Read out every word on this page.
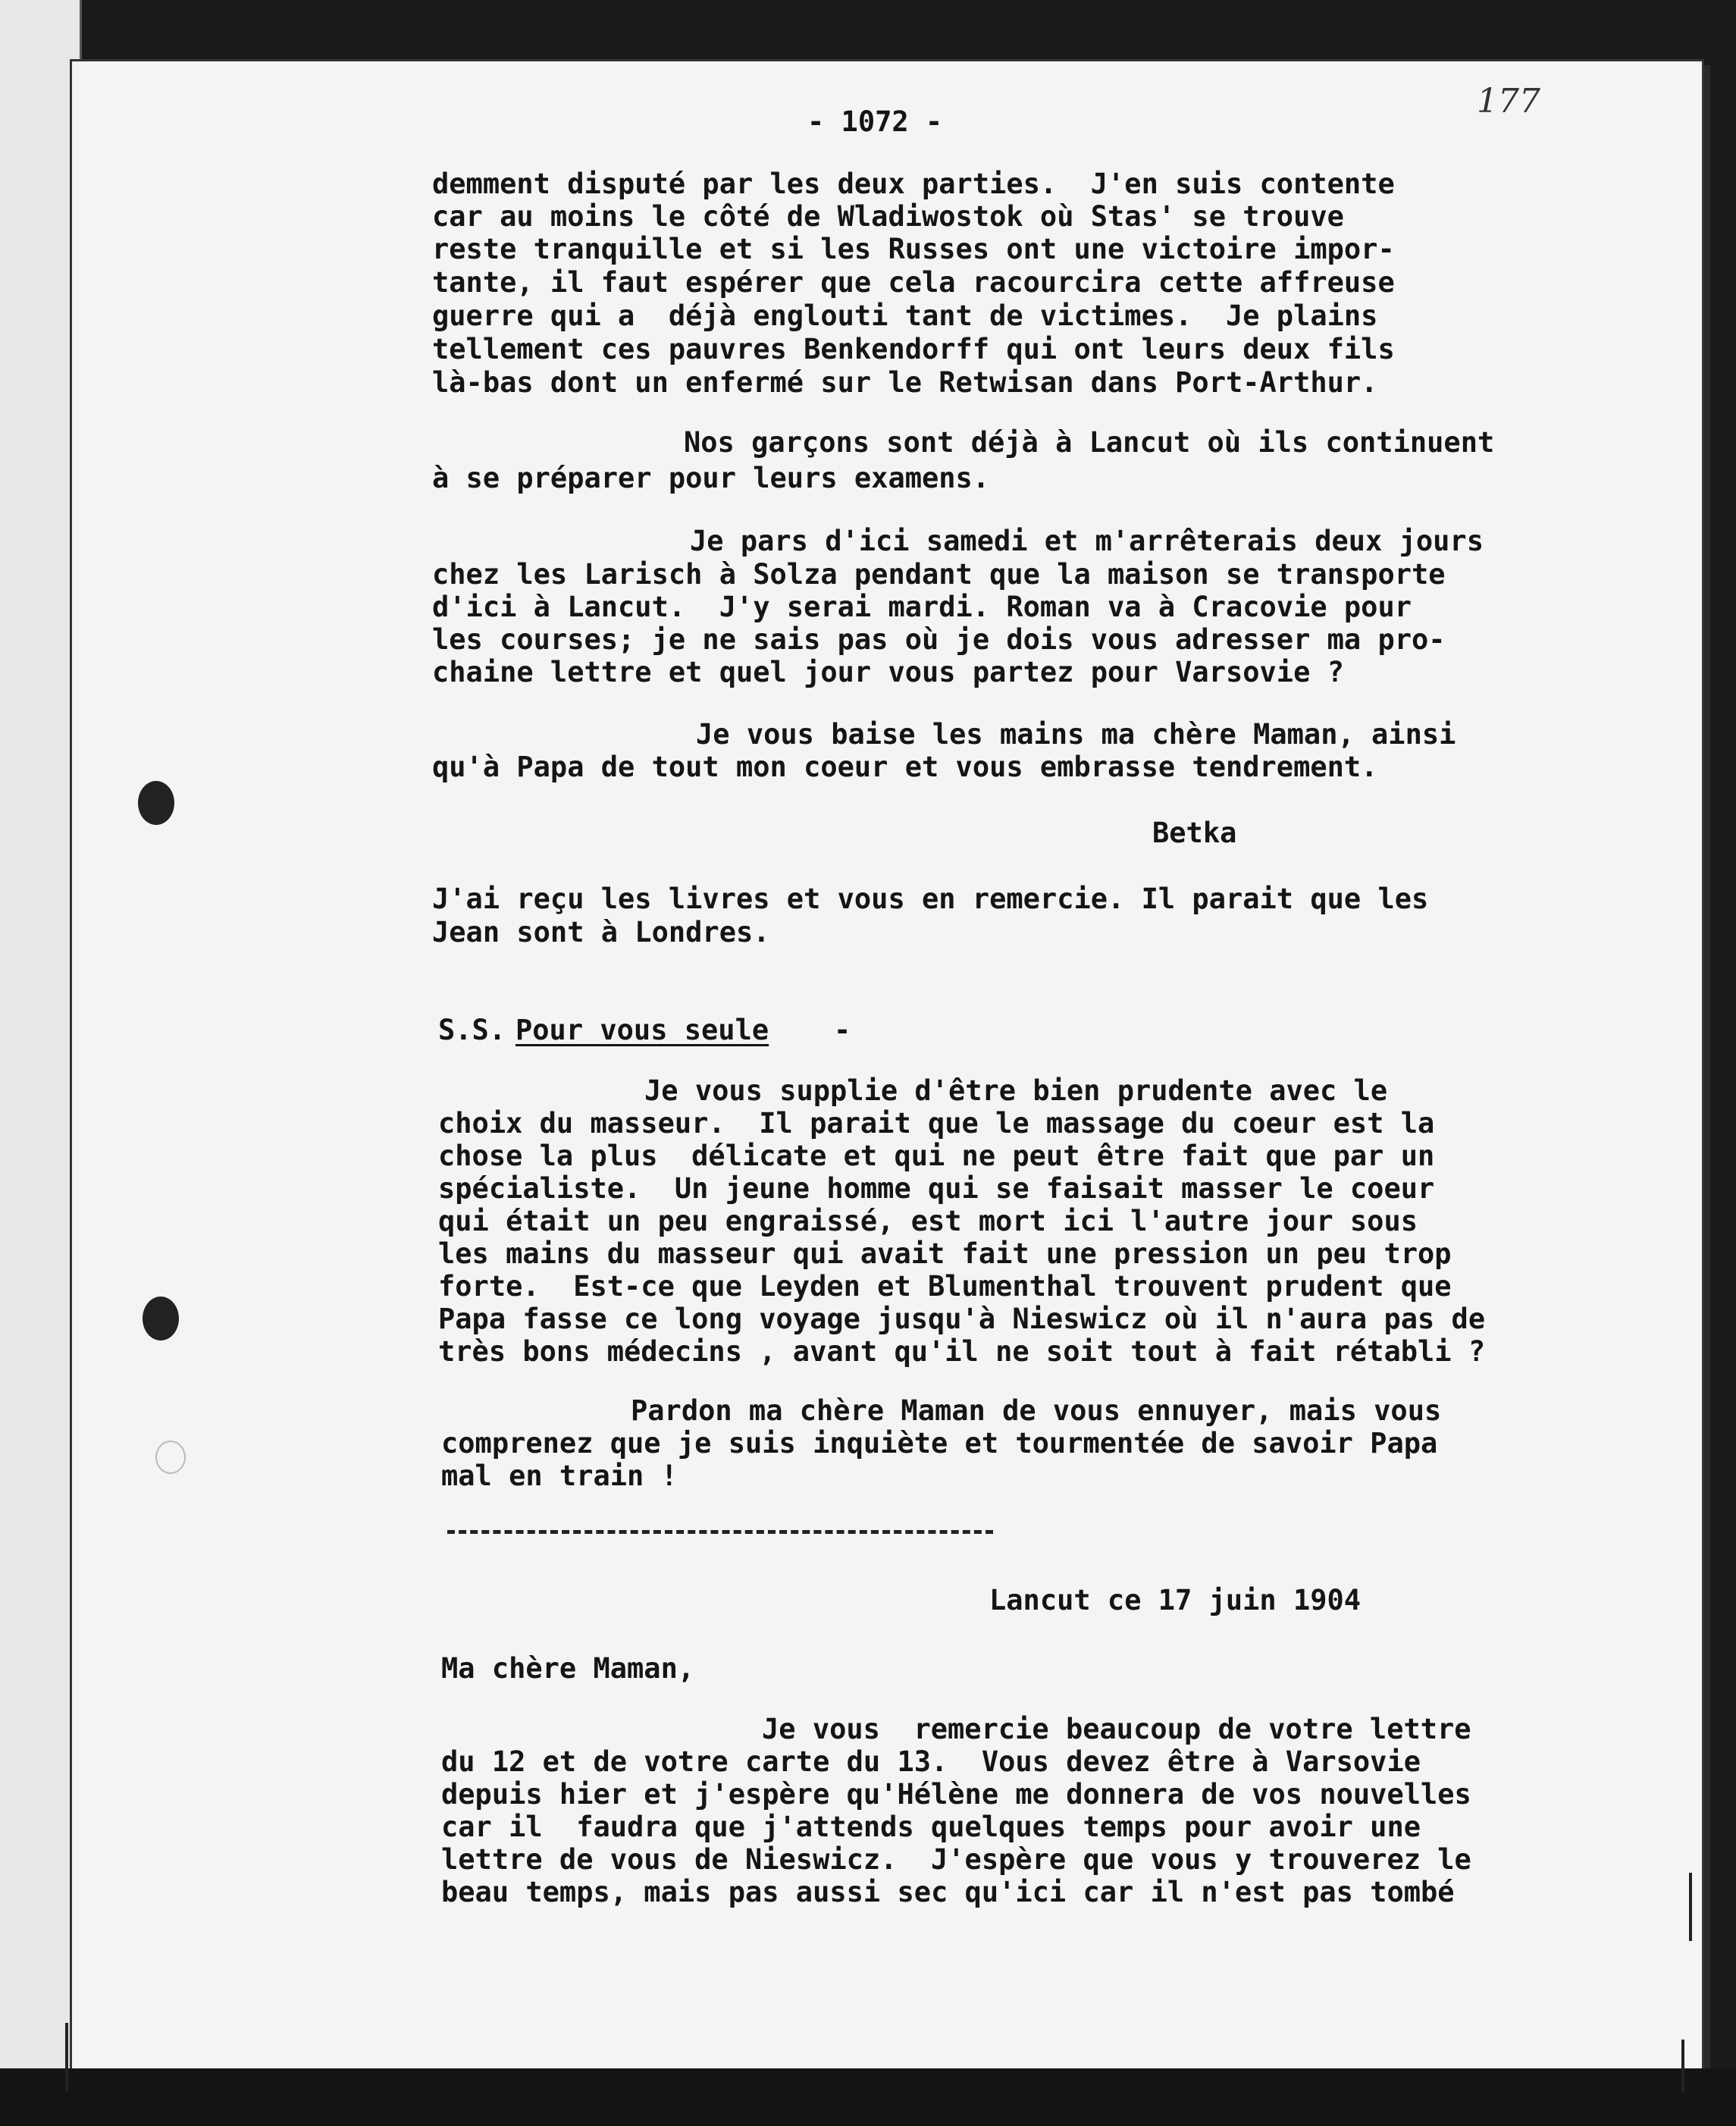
- 1072 -
177
demment disputé par les deux parties.  J'en suis contente
car au moins le côté de Wladiwostok où Stas' se trouve
reste tranquille et si les Russes ont une victoire impor-
tante, il faut espérer que cela racourcira cette affreuse
guerre qui a  déjà englouti tant de victimes.  Je plains
tellement ces pauvres Benkendorff qui ont leurs deux fils
là-bas dont un enfermé sur le Retwisan dans Port-Arthur.
Nos garçons sont déjà à Lancut où ils continuent
à se préparer pour leurs examens.
Je pars d'ici samedi et m'arrêterais deux jours
chez les Larisch à Solza pendant que la maison se transporte
d'ici à Lancut.  J'y serai mardi. Roman va à Cracovie pour
les courses; je ne sais pas où je dois vous adresser ma pro-
chaine lettre et quel jour vous partez pour Varsovie ?
Je vous baise les mains ma chère Maman, ainsi
qu'à Papa de tout mon coeur et vous embrasse tendrement.
Betka
J'ai reçu les livres et vous en remercie. Il parait que les
Jean sont à Londres.
S.S. Pour vous seule -
Je vous supplie d'être bien prudente avec le
choix du masseur.  Il parait que le massage du coeur est la
chose la plus  délicate et qui ne peut être fait que par un
spécialiste.  Un jeune homme qui se faisait masser le coeur
qui était un peu engraissé, est mort ici l'autre jour sous
les mains du masseur qui avait fait une pression un peu trop
forte.  Est-ce que Leyden et Blumenthal trouvent prudent que
Papa fasse ce long voyage jusqu'à Nieswicz où il n'aura pas de
très bons médecins , avant qu'il ne soit tout à fait rétabli ?
Pardon ma chère Maman de vous ennuyer, mais vous
comprenez que je suis inquiète et tourmentée de savoir Papa
mal en train !
Lancut ce 17 juin 1904
Ma chère Maman,
Je vous  remercie beaucoup de votre lettre
du 12 et de votre carte du 13.  Vous devez être à Varsovie
depuis hier et j'espère qu'Hélène me donnera de vos nouvelles
car il  faudra que j'attends quelques temps pour avoir une
lettre de vous de Nieswicz.  J'espère que vous y trouverez le
beau temps, mais pas aussi sec qu'ici car il n'est pas tombé
